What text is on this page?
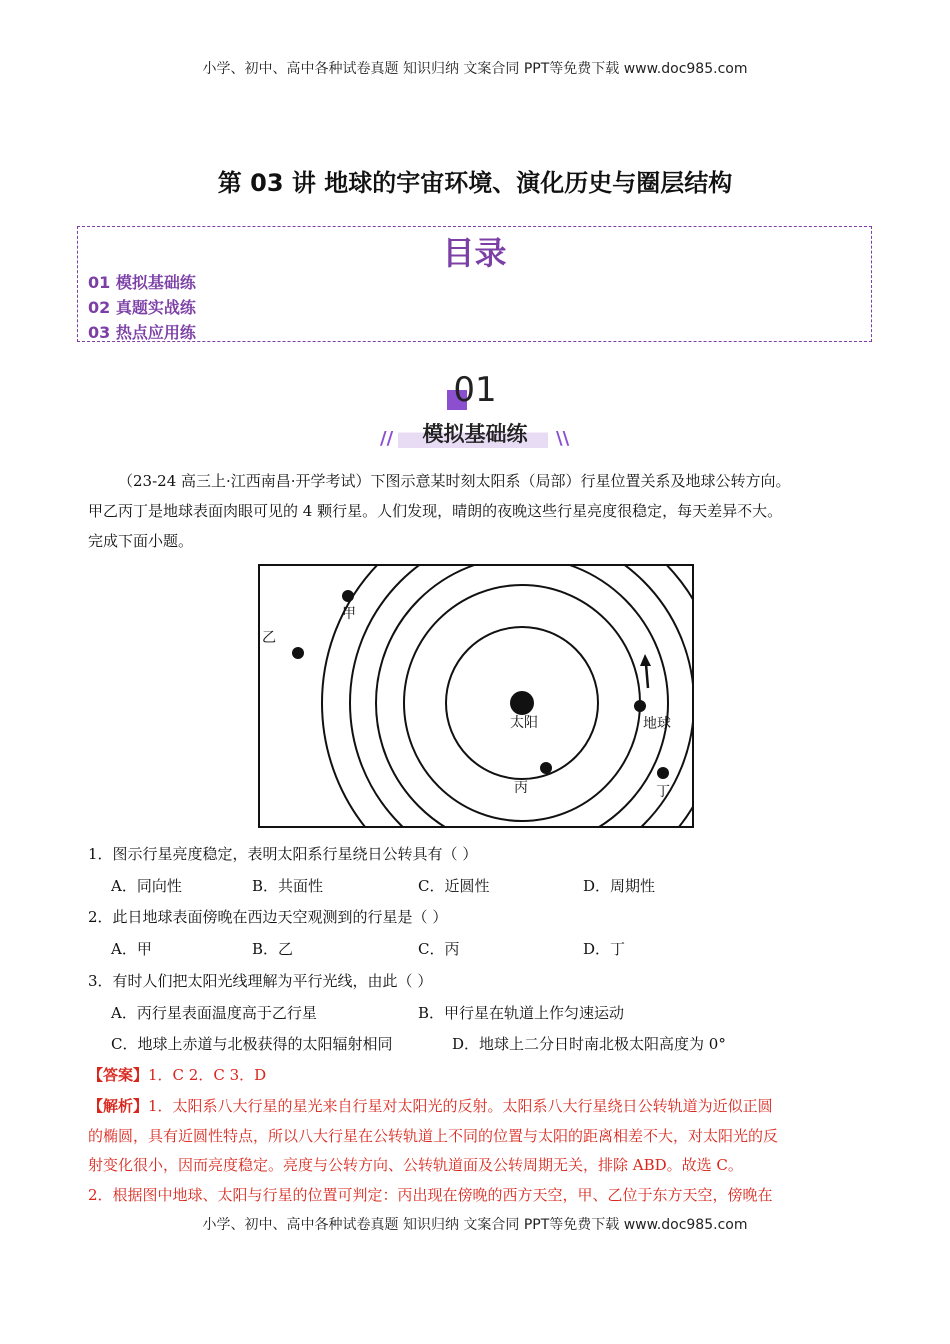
小学、初中、高中各种试卷真题 知识归纳 文案合同 PPT等免费下载 www.doc985.com
第 03 讲 地球的宇宙环境、演化历史与圈层结构
目录
01 模拟基础练
02 真题实战练
03 热点应用练
01
//	模拟基础练	\\
（23-24 高三上·江西南昌·开学考试）下图示意某时刻太阳系（局部）行星位置关系及地球公转方向。
甲乙丙丁是地球表面肉眼可见的 4 颗行星。人们发现，晴朗的夜晚这些行星亮度很稳定，每天差异不大。
完成下面小题。
太阳
丙
地球
丁
甲
乙
1．图示行星亮度稳定，表明太阳系行星绕日公转具有（ ）
A．同向性	B．共面性	C．近圆性	D．周期性
2．此日地球表面傍晚在西边天空观测到的行星是（ ）
A．甲	B．乙	C．丙	D．丁
3．有时人们把太阳光线理解为平行光线，由此（ ）
A．丙行星表面温度高于乙行星	B．甲行星在轨道上作匀速运动
C．地球上赤道与北极获得的太阳辐射相同	D．地球上二分日时南北极太阳高度为 0°
【答案】1．C 2．C 3．D
【解析】1．太阳系八大行星的星光来自行星对太阳光的反射。太阳系八大行星绕日公转轨道为近似正圆
的椭圆，具有近圆性特点，所以八大行星在公转轨道上不同的位置与太阳的距离相差不大，对太阳光的反
射变化很小，因而亮度稳定。亮度与公转方向、公转轨道面及公转周期无关，排除 ABD。故选 C。
2．根据图中地球、太阳与行星的位置可判定：丙出现在傍晚的西方天空，甲、乙位于东方天空，傍晚在
小学、初中、高中各种试卷真题 知识归纳 文案合同 PPT等免费下载 www.doc985.com
